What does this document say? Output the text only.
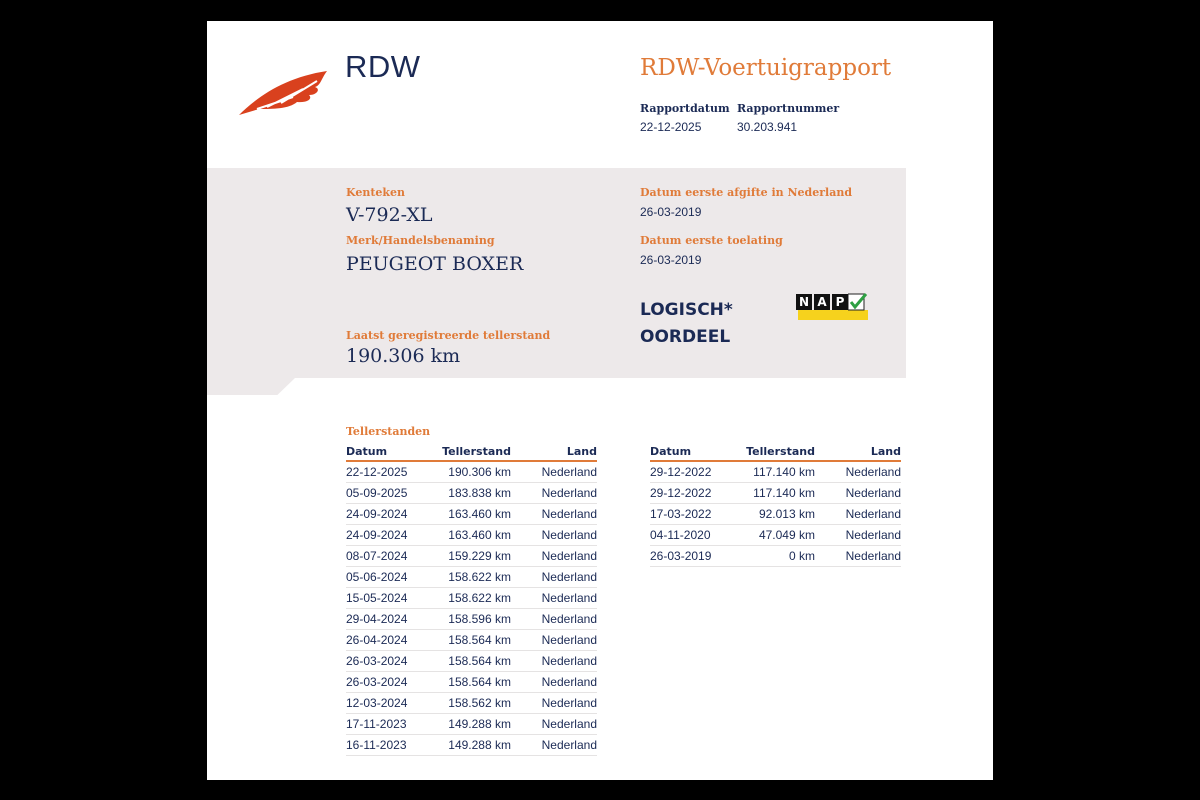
RDW	RDW-Voertuigrapport
Rapportdatum
22-12-2025
Rapportnummer
30.203.941
Kenteken
V-792-XL
Merk/Handelsbenaming
PEUGEOT BOXER
Datum eerste afgifte in Nederland
26-03-2019
Datum eerste toelating
26-03-2019
LOGISCH*
OORDEEL
N A P
Laatst geregistreerde tellerstand
190.306 km
Tellerstanden
Datum	Tellerstand	Land
22-12-2025	190.306 km	Nederland
05-09-2025	183.838 km	Nederland
24-09-2024	163.460 km	Nederland
24-09-2024	163.460 km	Nederland
08-07-2024	159.229 km	Nederland
05-06-2024	158.622 km	Nederland
15-05-2024	158.622 km	Nederland
29-04-2024	158.596 km	Nederland
26-04-2024	158.564 km	Nederland
26-03-2024	158.564 km	Nederland
26-03-2024	158.564 km	Nederland
12-03-2024	158.562 km	Nederland
17-11-2023	149.288 km	Nederland
16-11-2023	149.288 km	Nederland
Datum	Tellerstand	Land
29-12-2022	117.140 km	Nederland
29-12-2022	117.140 km	Nederland
17-03-2022	92.013 km	Nederland
04-11-2020	47.049 km	Nederland
26-03-2019	0 km	Nederland
